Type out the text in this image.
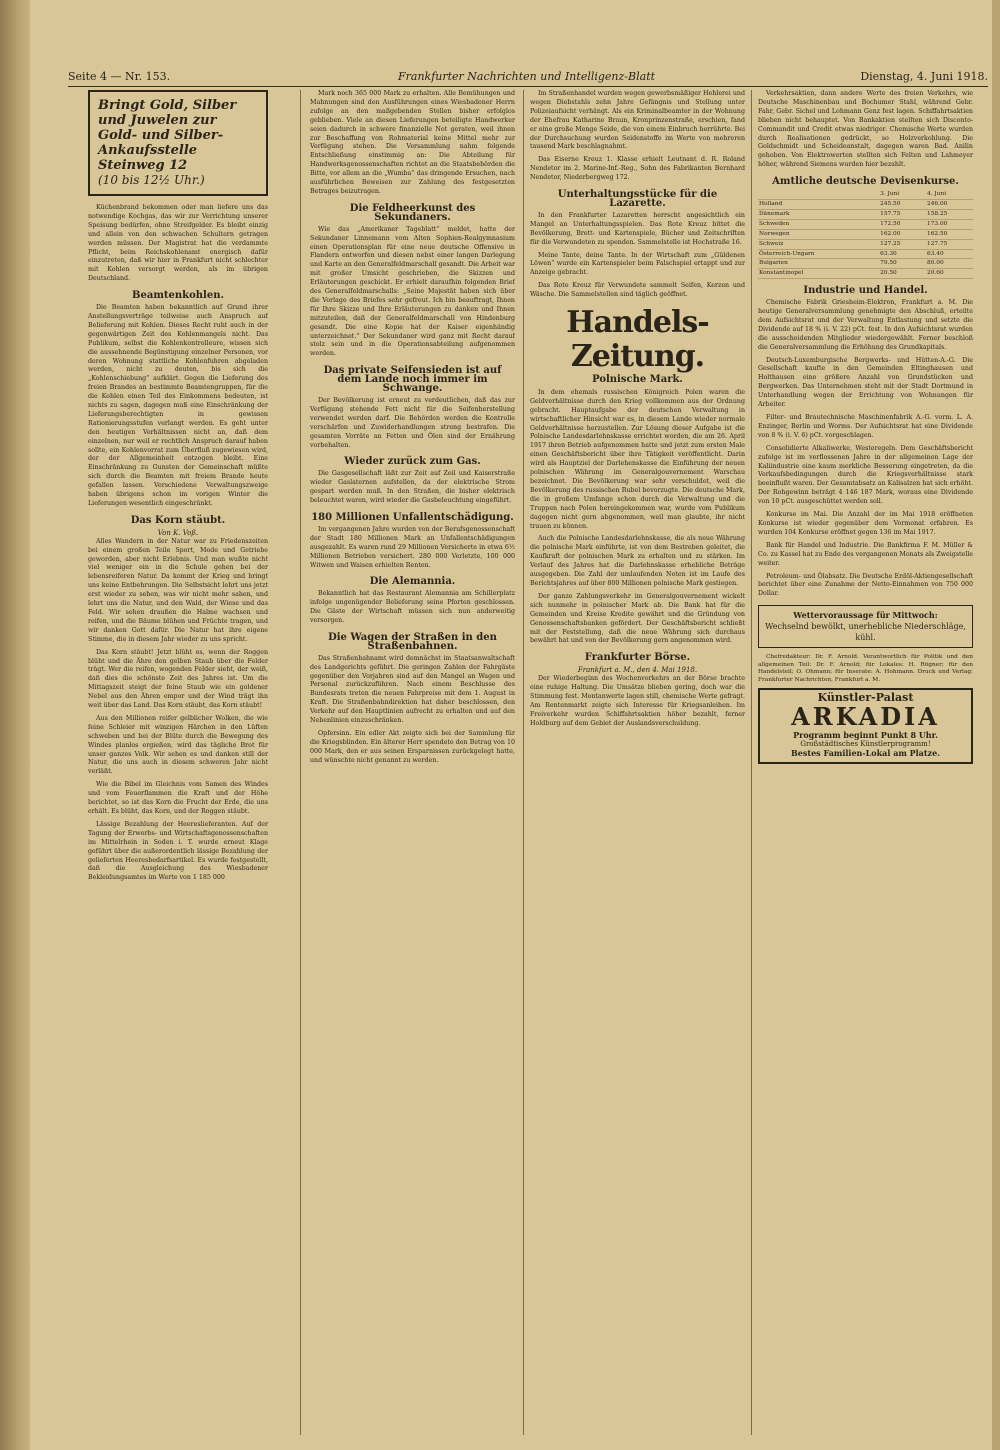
Seite 4 — Nr. 153.	Frankfurter Nachrichten und Intelligenz-Blatt	Dienstag, 4. Juni 1918.
Bringt Gold, Silber und Juwelen zur Gold- und Silber-Ankaufsstelle Steinweg 12
(10 bis 12½ Uhr.)

Küchenbrand bekommen oder man liefere uns das notwendige Kochgas, das wir zur Verrichtung unserer Speisung bedürfen, ohne Streifgelder. Es bleibt einzig und allein von den schwachen Schultern getragen werden müssen. Der Magistrat hat die verdammte Pflicht, beim Reichskohlenamt energisch dafür einzutreten, daß wir hier in Frankfurt nicht schlechter mit Kohlen versorgt werden, als im übrigen Deutschland.

Beamtenkohlen.

Die Beamten haben bekanntlich auf Grund ihrer Anstellungsverträge teilweise auch Anspruch auf Belieferung mit Kohlen. Dieses Recht ruht auch in der gegenwärtigen Zeit des Kohlenmangels nicht. Das Publikum, selbst die Kohlenkontrolleure, wissen sich die aussehnende Begünstigung einzelner Personen, vor deren Wohnung stattliche Kohlenfuhren abgeladen werden, nicht zu deuten, bis sich die „Kohlenschiebung“ aufklärt. Gegen die Lieferung des freien Brandes an bestimmte Beamtengruppen, für die die Kohlen einen Teil des Einkommens bedeuten, ist nichts zu sagen, dagegen muß eine Einschränkung der Lieferungsberechtigten in gewissen Rationierungsstufen verlangt werden. Es geht unter den heutigen Verhältnissen nicht an, daß dem einzelnen, nur weil er rechtlich Anspruch darauf haben sollte, ein Kohlenvorrat zum Überfluß zugewiesen wird, der der Allgemeinheit entzogen bleibt. Eine Einschränkung zu Gunsten der Gemeinschaft müßte sich durch die Beamten mit freiem Brande heute gefallen lassen. Verschiedene Verwaltungszweige haben übrigens schon im vorigen Winter die Lieferungen wesentlich eingeschränkt.

Das Korn stäubt.
Von K. Voß.

Alles Wandern in der Natur war zu Friedenszeiten bei einem großen Teile Sport, Mode und Getriebe geworden, aber nicht Erlebnis. Und man wußte nicht viel weniger ein in die Schule gehen bei der lebensreiferen Natur. Da kommt der Krieg und bringt uns keine Entbehrungen. Die Selbstsicht lehrt uns jetzt erst wieder zu sehen, was wir nicht mehr sahen, und lehrt uns die Natur, und den Wald, der Wiese und das Feld. Wir sehen draußen die Halme wachsen und reifen, und die Bäume blühen und Früchte tragen, und wir danken Gott dafür. Die Natur hat ihre eigene Stimme, die in diesem Jahr wieder zu uns spricht.

Das Korn stäubt! Jetzt blüht es, wenn der Roggen blüht und die Ähre den gelben Staub über die Felder trägt. Wer die reifen, wogenden Felder sieht, der weiß, daß dies die schönste Zeit des Jahres ist. Um die Mittagszeit steigt der feine Staub wie ein goldener Nebel aus den Ähren empor und der Wind trägt ihn weit über das Land. Das Korn stäubt, das Korn stäubt!

Aus den Millionen reifer gelblicher Wolken, die wie feine Schleier mit winzigen Härchen in den Lüften schweben und bei der Blüte durch die Bewegung des Windes planlos ergießen, wird das tägliche Brot für unser ganzes Volk. Wir sehen es und danken still der Natur, die uns auch in diesem schweren Jahr nicht verläßt.

Wie die Bibel im Gleichnis vom Samen des Windes und vom Feuerflammen die Kraft und der Höhe berichtet, so ist das Korn die Frucht der Erde, die uns erhält. Es blüht, das Korn, und der Roggen stäubt.

Lässige Bezahlung der Heereslieferanten. Auf der Tagung der Erwerbs- und Wirtschaftsgenossenschaften im Mittelrhein in Soden i. T. wurde erneut Klage geführt über die außerordentlich lässige Bezahlung der gelieferten Heeresbedarfsartikel. Es wurde festgestellt, daß die Ausgleichung des Wiesbadener Bekleidungsamtes im Werte von 1 185 000

Mark noch 365 000 Mark zu erhalten. Alle Bemühungen und Mahnungen sind den Ausführungen eines Wiesbadener Herrn zufolge an den maßgebenden Stellen bisher erfolglos geblieben. Viele an diesen Lieferungen beteiligte Handwerker seien dadurch in schwere finanzielle Not geraten, weil ihnen zur Beschaffung von Rohmaterial keine Mittel mehr zur Verfügung stehen. Die Versammlung nahm folgende Entschließung einstimmig an: Die Abteilung für Handwerksgenossenschaften richtet an die Staatsbehörden die Bitte, vor allem an die „Wumba“ das dringende Ersuchen, nach ausführlichen Beweisen zur Zahlung des festgesetzten Betrages beizutragen.

Die Feldheerkunst des Sekundaners.

Wie das „Amerikaner Tageblatt“ meldet, hatte der Sekundaner Linnemann vom Alten Sophien-Realgymnasium einen Operationsplan für eine neue deutsche Offensive in Flandern entworfen und diesen nebst einer langen Darlegung und Karte an den Generalfeldmarschall gesandt. Die Arbeit war mit großer Umsicht geschrieben, die Skizzen und Erläuterungen geschickt. Er erhielt daraufhin folgenden Brief des Generalfeldmarschalls: „Seine Majestät haben sich über die Vorlage des Briefes sehr gefreut. Ich bin beauftragt, Ihnen für Ihre Skizze und Ihre Erläuterungen zu danken und Ihnen mitzuteilen, daß der Generalfeldmarschall von Hindenburg gesandt. Die eine Kopie hat der Kaiser eigenhändig unterzeichnet.“ Der Sekundaner wird ganz mit Recht darauf stolz sein und in die Operationsabteilung aufgenommen werden.

Das private Seifensieden ist auf dem Lande noch immer im Schwange.

Der Bevölkerung ist erneut zu verdeutlichen, daß das zur Verfügung stehende Fett nicht für die Seifenherstellung verwendet werden darf. Die Behörden werden die Kontrolle verschärfen und Zuwiderhandlungen streng bestrafen. Die gesamten Vorräte an Fetten und Ölen sind der Ernährung vorbehalten.

Wieder zurück zum Gas.

Die Gasgesellschaft läßt zur Zeit auf Zeil und Kaiserstraße wieder Gaslaternen aufstellen, da der elektrische Strom gespart werden muß. In den Straßen, die bisher elektrisch beleuchtet waren, wird wieder die Gasbeleuchtung eingeführt.

180 Millionen Unfallentschädigung.

Im vergangenen Jahre wurden von der Berufsgenossenschaft der Stadt 180 Millionen Mark an Unfallentschädigungen ausgezahlt. Es waren rund 29 Millionen Versicherte in etwa 6½ Millionen Betrieben versichert. 280 000 Verletzte, 100 000 Witwen und Waisen erhielten Renten.

Die Alemannia.

Bekanntlich hat das Restaurant Alemannia am Schillerplatz infolge ungenügender Belieferung seine Pforten geschlossen. Die Gäste der Wirtschaft müssen sich nun anderweitig versorgen.

Die Wagen der Straßen in den Straßenbahnen.

Das Straßenbahnamt wird demnächst im Staatsanwaltschaft des Landgerichts geführt. Die geringen Zahlen der Fahrgäste gegenüber den Vorjahren sind auf den Mangel an Wagen und Personal zurückzuführen. Nach einem Beschlusse des Bundesrats treten die neuen Fahrpreise mit dem 1. August in Kraft. Die Straßenbahndirektion hat daher beschlossen, den Verkehr auf den Hauptlinien aufrecht zu erhalten und auf den Nebenlinien einzuschränken.

Opfersinn. Ein edler Akt zeigte sich bei der Sammlung für die Kriegsblinden. Ein älterer Herr spendete den Betrag von 10 000 Mark, den er aus seinen Ersparnissen zurückgelegt hatte, und wünschte nicht genannt zu werden.

Im Straßenhandel wurden wegen gewerbsmäßiger Hehlerei und wegen Diebstahls zehn Jahre Gefängnis und Stellung unter Polizeiaufsicht verhängt. Als ein Kriminalbeamter in der Wohnung der Ehefrau Katharine Braun, Kronprinzenstraße, erschien, fand er eine große Menge Seide, die von einem Einbruch herrührte. Bei der Durchsuchung wurden Seidenstoffe im Werte von mehreren tausend Mark beschlagnahmt.

Das Eiserne Kreuz 1. Klasse erhielt Leutnant d. R. Roland Nendetor im 2. Marine-Inf.-Reg., Sohn des Fabrikanten Bernhard Nendetor, Niederbergweg 172.

Unterhaltungsstücke für die Lazarette.

In den Frankfurter Lazaretten herrscht angesichtlich ein Mangel an Unterhaltungsspielen. Das Rote Kreuz bittet die Bevölkerung, Brett- und Kartenspiele, Bücher und Zeitschriften für die Verwundeten zu spenden. Sammelstelle ist Hochstraße 16.

Meine Tante, deine Tante. In der Wirtschaft zum „Güldenen Löwen“ wurde ein Kartenspieler beim Falschspiel ertappt und zur Anzeige gebracht.

Das Rote Kreuz für Verwundete sammelt Seifen, Kerzen und Wäsche. Die Sammelstellen sind täglich geöffnet.

Handels-Zeitung.
Polnische Mark.

In dem ehemals russischen Königreich Polen waren die Geldverhältnisse durch den Krieg vollkommen aus der Ordnung gebracht. Hauptaufgabe der deutschen Verwaltung in wirtschaftlicher Hinsicht war es, in diesem Lande wieder normale Geldverhältnisse herzustellen. Zur Lösung dieser Aufgabe ist die Polnische Landesdarlehnskasse errichtet worden, die am 26. April 1917 ihren Betrieb aufgenommen hatte und jetzt zum ersten Male einen Geschäftsbericht über ihre Tätigkeit veröffentlicht. Darin wird als Hauptziel der Darlehenskasse die Einführung der neuen polnischen Währung im Generalgouvernement Warschau bezeichnet. Die Bevölkerung war sehr verschuldet, weil die Bevölkerung des russischen Rubel bevorzugte. Die deutsche Mark, die in großem Umfange schon durch die Verwaltung und die Truppen nach Polen hereingekommen war, wurde vom Publikum dagegen nicht gern abgenommen, weil man glaubte, ihr nicht trauen zu können.

Auch die Polnische Landesdarlehnskasse, die als neue Währung die polnische Mark einführte, ist von dem Bestreben geleitet, die Kaufkraft der polnischen Mark zu erhalten und zu stärken. Im Verlauf des Jahres hat die Darlehnskasse erhebliche Beträge ausgegeben. Die Zahl der umlaufenden Noten ist im Laufe des Berichtsjahres auf über 800 Millionen polnische Mark gestiegen.

Der ganze Zahlungsverkehr im Generalgouvernement wickelt sich nunmehr in polnischer Mark ab. Die Bank hat für die Gemeinden und Kreise Kredite gewährt und die Gründung von Genossenschaftsbanken gefördert. Der Geschäftsbericht schließt mit der Feststellung, daß die neue Währung sich durchaus bewährt hat und von der Bevölkerung gern angenommen wird.

Frankfurter Börse.
Frankfurt a. M., den 4. Mai 1918.

Der Wiederbeginn des Wochenverkehrs an der Börse brachte eine ruhige Haltung. Die Umsätze blieben gering, doch war die Stimmung fest. Montanwerte lagen still, chemische Werte gefragt. Am Rentenmarkt zeigte sich Interesse für Kriegsanleihen. Im Freiverkehr wurden Schiffahrtsaktien höher bezahlt, ferner Holdburg auf dem Gebiet der Auslandsverschuldung.

Verkehrsaktien, dann andere Werte des freien Verkehrs, wie Deutsche Maschinenbau und Bochumer Stahl, während Gebr. Fahr, Gebr. Sichel und Lohmann Genz fest lagen. Schiffahrtsaktien blieben nicht behauptet. Von Bankaktien stellten sich Disconto-Commandit und Credit etwas niedriger. Chemische Werte wurden durch Realisationen gedrückt, so Holzverkohlung. Die Goldschmidt und Scheideanstalt, dagegen waren Bad. Anilin gehoben. Von Elektrowerten stellten sich Felten und Lahmeyer höher, während Siemens wurden hier bezahlt.

Amtliche deutsche Devisenkurse.
	3. Juni	4. Juni
Holland	245.50	246.00
Dänemark	157.75	158.25
Schweden	172.50	173.00
Norwegen	162.00	162.50
Schweiz	127.25	127.75
Österreich-Ungarn	63.30	63.40
Bulgarien	79.50	80.00
Konstantinopel	20.50	20.60
Industrie und Handel.

Chemische Fabrik Griesheim-Elektron, Frankfurt a. M. Die heutige Generalversammlung genehmigte den Abschluß, erteilte dem Aufsichtsrat und der Verwaltung Entlastung und setzte die Dividende auf 18 % (i. V. 22) pCt. fest. In den Aufsichtsrat wurden die ausscheidenden Mitglieder wiedergewählt. Ferner beschloß die Generalversammlung die Erhöhung des Grundkapitals.

Deutsch-Luxemburgische Bergwerks- und Hütten-A.-G. Die Gesellschaft kaufte in den Gemeinden Eltinghausen und Holthausen eine größere Anzahl von Grundstücken und Bergwerken. Das Unternehmen steht mit der Stadt Dortmund in Unterhandlung wegen der Errichtung von Wohnungen für Arbeiter.

Filter- und Brautechnische Maschinenfabrik A.-G. vorm. L. A. Enzinger, Berlin und Worms. Der Aufsichtsrat hat eine Dividende von 8 % (i. V. 6) pCt. vorgeschlagen.

Consolidierte Alkaliwerke, Westeregeln. Dem Geschäftsbericht zufolge ist im verflossenen Jahre in der allgemeinen Lage der Kaliindustrie eine kaum merkliche Besserung eingetreten, da die Verkaufsbedingungen durch die Kriegsverhältnisse stark beeinflußt waren. Der Gesamtabsatz an Kalisalzen hat sich erhöht. Der Rohgewinn beträgt 4 146 187 Mark, woraus eine Dividende von 10 pCt. ausgeschüttet werden soll.

Konkurse im Mai. Die Anzahl der im Mai 1918 eröffneten Konkurse ist wieder gegenüber dem Vormonat erfahren. Es wurden 104 Konkurse eröffnet gegen 136 im Mai 1917.

Bank für Handel und Industrie. Die Bankfirma F. M. Müller & Co. zu Kassel hat zu Ende des vergangenen Monats als Zweigstelle weiter.

Petroleum- und Ölabsatz. Die Deutsche Erdöl-Aktiengesellschaft berichtet über eine Zunahme der Netto-Einnahmen von 750 000 Dollar.

Wettervoraussage für Mittwoch:
Wechselnd bewölkt, unerhebliche Niederschläge, kühl.

Chefredakteur: Dr. F. Arnold. Verantwortlich für Politik und den allgemeinen Teil: Dr. F. Arnold; für Lokales: H. Rögner; für den Handelsteil: O. Ohmann; für Inserate: A. Hohmann. Druck und Verlag: Frankfurter Nachrichten, Frankfurt a. M.

Künstler-Palast
ARKADIA
Programm beginnt Punkt 8 Uhr.
Großstädtisches Künstlerprogramm!
Bestes Familien-Lokal am Platze.
